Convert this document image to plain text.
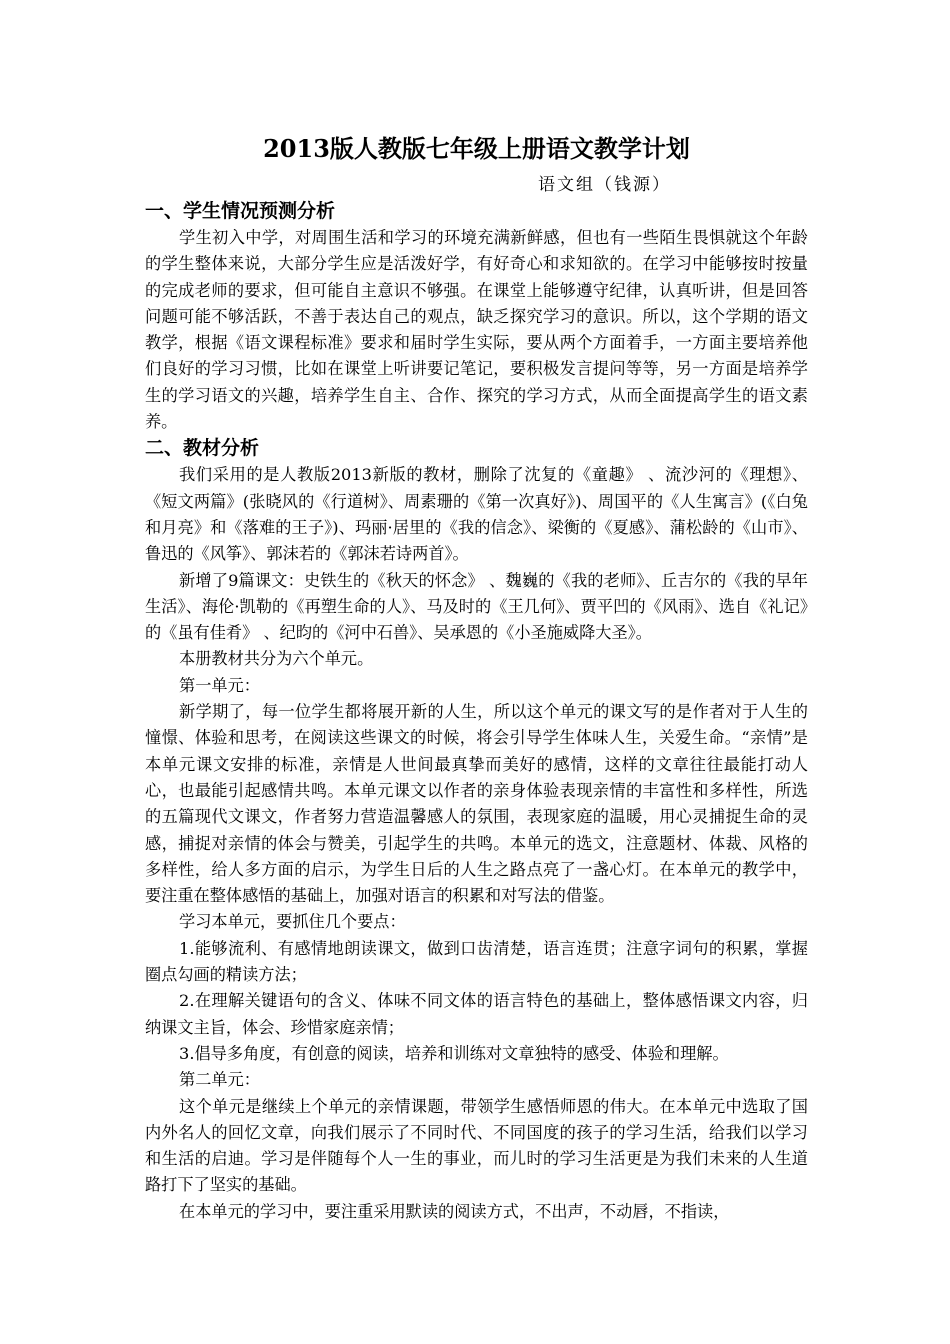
2013版人教版七年级上册语文教学计划
语文组（钱源）
一、学生情况预测分析

学生初入中学，对周围生活和学习的环境充满新鲜感，但也有一些陌生畏惧就这个年龄的学生整体来说，大部分学生应是活泼好学，有好奇心和求知欲的。在学习中能够按时按量的完成老师的要求，但可能自主意识不够强。在课堂上能够遵守纪律，认真听讲，但是回答问题可能不够活跃，不善于表达自己的观点，缺乏探究学习的意识。所以，这个学期的语文教学，根据《语文课程标准》要求和届时学生实际，要从两个方面着手，一方面主要培养他们良好的学习习惯，比如在课堂上听讲要记笔记，要积极发言提问等等，另一方面是培养学生的学习语文的兴趣，培养学生自主、合作、探究的学习方式，从而全面提高学生的语文素养。

二、教材分析

我们采用的是人教版2013新版的教材，删除了沈复的《童趣》 、流沙河的《理想》、《短文两篇》(张晓风的《行道树》、周素珊的《第一次真好》)、周国平的《人生寓言》(《白兔和月亮》和《落难的王子》)、玛丽·居里的《我的信念》、梁衡的《夏感》、蒲松龄的《山市》、鲁迅的《风筝》、郭沫若的《郭沫若诗两首》。

新增了9篇课文：史铁生的《秋天的怀念》 、魏巍的《我的老师》、丘吉尔的《我的早年生活》、海伦·凯勒的《再塑生命的人》、马及时的《王几何》、贾平凹的《风雨》、选自《礼记》的《虽有佳肴》 、纪昀的《河中石兽》、吴承恩的《小圣施威降大圣》。

本册教材共分为六个单元。

第一单元：

新学期了，每一位学生都将展开新的人生，所以这个单元的课文写的是作者对于人生的憧憬、体验和思考，在阅读这些课文的时候，将会引导学生体味人生，关爱生命。“亲情”是本单元课文安排的标准，亲情是人世间最真挚而美好的感情，这样的文章往往最能打动人心，也最能引起感情共鸣。本单元课文以作者的亲身体验表现亲情的丰富性和多样性，所选的五篇现代文课文，作者努力营造温馨感人的氛围，表现家庭的温暖，用心灵捕捉生命的灵感，捕捉对亲情的体会与赞美，引起学生的共鸣。本单元的选文，注意题材、体裁、风格的多样性，给人多方面的启示，为学生日后的人生之路点亮了一盏心灯。在本单元的教学中，要注重在整体感悟的基础上，加强对语言的积累和对写法的借鉴。

学习本单元，要抓住几个要点：

1.能够流利、有感情地朗读课文，做到口齿清楚，语言连贯；注意字词句的积累，掌握圈点勾画的精读方法；

2.在理解关键语句的含义、体味不同文体的语言特色的基础上，整体感悟课文内容，归纳课文主旨，体会、珍惜家庭亲情；

3.倡导多角度，有创意的阅读，培养和训练对文章独特的感受、体验和理解。

第二单元：

这个单元是继续上个单元的亲情课题，带领学生感悟师恩的伟大。在本单元中选取了国内外名人的回忆文章，向我们展示了不同时代、不同国度的孩子的学习生活，给我们以学习和生活的启迪。学习是伴随每个人一生的事业，而儿时的学习生活更是为我们未来的人生道路打下了坚实的基础。

在本单元的学习中，要注重采用默读的阅读方式，不出声，不动唇，不指读，
